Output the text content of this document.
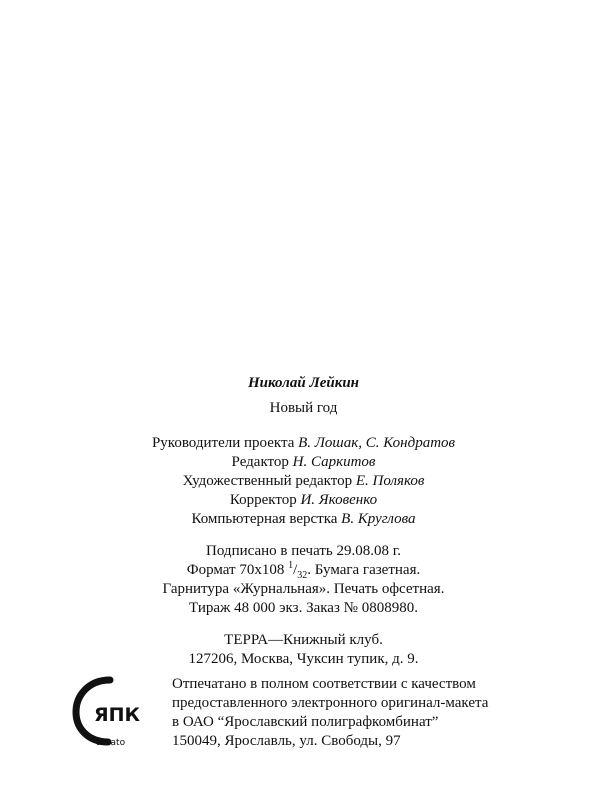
Николай Лейкин
Новый год
Руководители проекта В. Лошак, С. Кондратов
Редактор Н. Саркитов
Художественный редактор Е. Поляков
Корректор И. Яковенко
Компьютерная верстка В. Круглова
Подписано в печать 29.08.08 г.
Формат 70x108 $^1/_{32}$. Бумага газетная.
Гарнитура «Журнальная». Печать офсетная.
Тираж 48 000 экз. Заказ № 0808980.
ТЕРРА—Книжный клуб.
127206, Москва, Чуксин тупик, д. 9.
ЯПК
arvato
Отпечатано в полном соответствии с качеством
предоставленного электронного оригинал-макета
в ОАО “Ярославский полиграфкомбинат”
150049, Ярославль, ул. Свободы, 97
